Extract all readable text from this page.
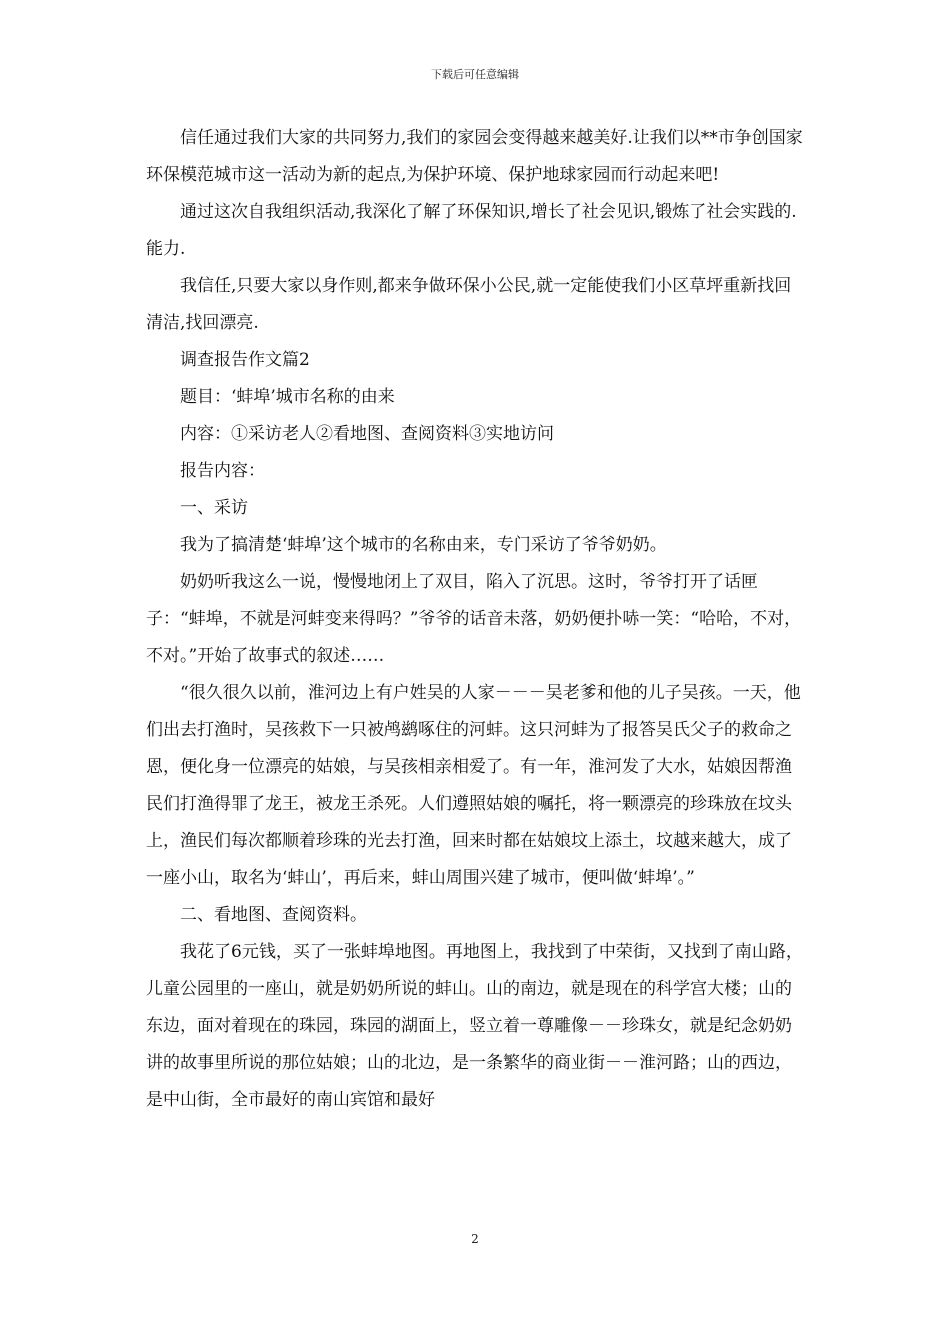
下载后可任意编辑

信任通过我们大家的共同努力,我们的家园会变得越来越美好.让我们以**市争创国家环保模范城市这一活动为新的起点,为保护环境、保护地球家园而行动起来吧!

通过这次自我组织活动,我深化了解了环保知识,增长了社会见识,锻炼了社会实践的.能力.

我信任,只要大家以身作则,都来争做环保小公民,就一定能使我们小区草坪重新找回清洁,找回漂亮.

调查报告作文篇2

题目：‘蚌埠’城市名称的由来

内容：①采访老人②看地图、查阅资料③实地访问

报告内容：

一、采访

我为了搞清楚‘蚌埠’这个城市的名称由来，专门采访了爷爷奶奶。

奶奶听我这么一说，慢慢地闭上了双目，陷入了沉思。这时，爷爷打开了话匣子：“蚌埠，不就是河蚌变来得吗？”爷爷的话音未落，奶奶便扑哧一笑：“哈哈，不对，不对。”开始了故事式的叙述……

“很久很久以前，淮河边上有户姓吴的人家－－－吴老爹和他的儿子吴孩。一天，他们出去打渔时，吴孩救下一只被鸬鹚啄住的河蚌。这只河蚌为了报答吴氏父子的救命之恩，便化身一位漂亮的姑娘，与吴孩相亲相爱了。有一年，淮河发了大水，姑娘因帮渔民们打渔得罪了龙王，被龙王杀死。人们遵照姑娘的嘱托，将一颗漂亮的珍珠放在坟头上，渔民们每次都顺着珍珠的光去打渔，回来时都在姑娘坟上添土，坟越来越大，成了一座小山，取名为‘蚌山’，再后来，蚌山周围兴建了城市，便叫做‘蚌埠’。”

二、看地图、查阅资料。

我花了6元钱，买了一张蚌埠地图。再地图上，我找到了中荣街，又找到了南山路，儿童公园里的一座山，就是奶奶所说的蚌山。山的南边，就是现在的科学宫大楼；山的东边，面对着现在的珠园，珠园的湖面上，竖立着一尊雕像－－珍珠女，就是纪念奶奶讲的故事里所说的那位姑娘；山的北边，是一条繁华的商业街－－淮河路；山的西边，是中山街，全市最好的南山宾馆和最好

2
